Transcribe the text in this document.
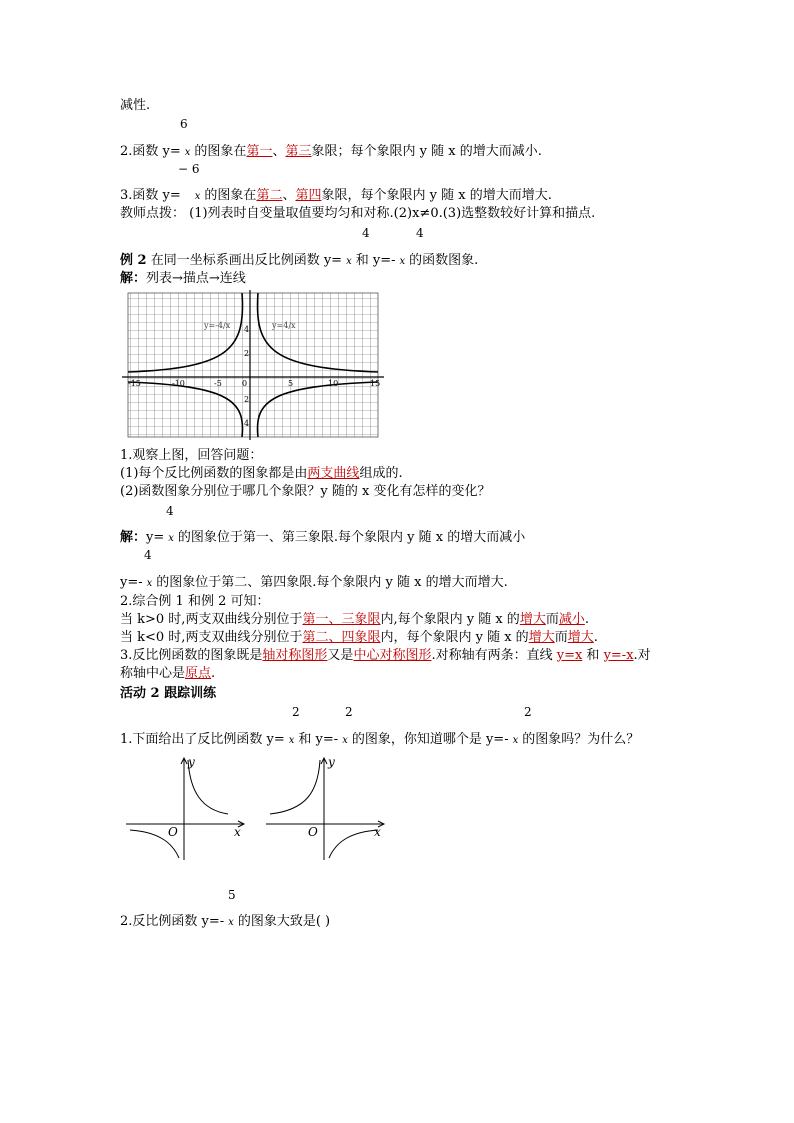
减性.
6
2.函数 y= x 的图象在第一、第三象限；每个象限内 y 随 x 的增大而减小.
− 6
3.函数 y= x 的图象在第二、第四象限，每个象限内 y 随 x 的增大而增大.
教师点拨： (1)列表时自变量取值要均匀和对称.(2)x≠0.(3)选整数较好计算和描点.
4	4
例 2 在同一坐标系画出反比例函数 y= x 和 y=- x 的函数图象.
解：列表→描点→连线
y=-4/x	y=4/x
-15	-10	-5	0	5	10	15
4
2
2
4
1.观察上图，回答问题：
(1)每个反比例函数的图象都是由两支曲线组成的.
(2)函数图象分别位于哪几个象限？y 随的 x 变化有怎样的变化？
4
解：y= x 的图象位于第一、第三象限.每个象限内 y 随 x 的增大而减小
4
y=- x 的图象位于第二、第四象限.每个象限内 y 随 x 的增大而增大.
2.综合例 1 和例 2 可知：
当 k>0 时,两支双曲线分别位于第一、三象限内,每个象限内 y 随 x 的增大而减小.
当 k<0 时,两支双曲线分别位于第二、四象限内，每个象限内 y 随 x 的增大而增大.
3.反比例函数的图象既是轴对称图形又是中心对称图形.对称轴有两条：直线 y=x 和 y=-x.对
称轴中心是原点.
活动 2 跟踪训练
2	2	2
1.下面给出了反比例函数 y= x 和 y=- x 的图象，你知道哪个是 y=- x 的图象吗？为什么？
y
x
O
y
x
O
5
2.反比例函数 y=- x 的图象大致是( )
